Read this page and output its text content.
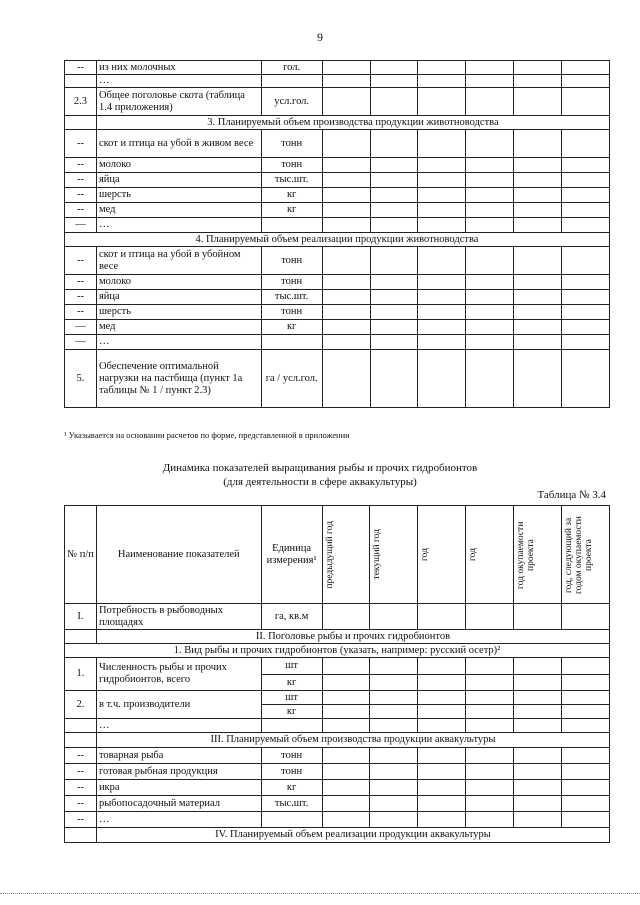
9
--	из них молочных	гол.						
	…							
2.3	Общее поголовье скота (таблица 1.4 приложения)	усл.гол.						
	3. Планируемый объем производства продукции животноводства							
--	скот и птица на убой в живом весе	тонн						
--	молоко	тонн						
--	яйца	тыс.шт.						
--	шерсть	кг						
--	мед	кг						
—	…							
4. Планируемый объем реализации продукции животноводства								
--	скот и птица на убой в убойном весе	тонн						
--	молоко	тонн						
--	яйца	тыс.шт.						
--	шерсть	тонн						
—	мед	кг						
—	…							
5.	Обеспечение оптимальной нагрузки на пастбища (пункт 1а таблицы № 1 / пункт 2.3)	га / усл.гол.						
¹ Указывается на основании расчетов по форме, представленной в приложении
Динамика показателей выращивания рыбы и прочих гидробионтов
(для деятельности в сфере аквакультуры)
Таблица № 3.4
№ п/п	Наименование показателей	Единица измерения¹	предыдущий год	текущий год	год	год	год окупаемости проекта	год, следующий за годом окупаемости проекта

I.	Потребность в рыбоводных площадях	га, кв.м						
	II. Поголовье рыбы и прочих гидробионтов							
1. Вид рыбы и прочих гидробионтов (указать, например: русский осетр)²								
1.	Численность рыбы и прочих гидробионтов, всего	шт						
		кг						
2.	в т.ч. производители	шт						
		кг						
	…							
	III. Планируемый объем производства продукции аквакультуры							
--	товарная рыба	тонн						
--	готовая рыбная продукция	тонн						
--	икра	кг						
--	рыбопосадочный материал	тыс.шт.						
--	…							
	IV. Планируемый объем реализации продукции аквакультуры							
